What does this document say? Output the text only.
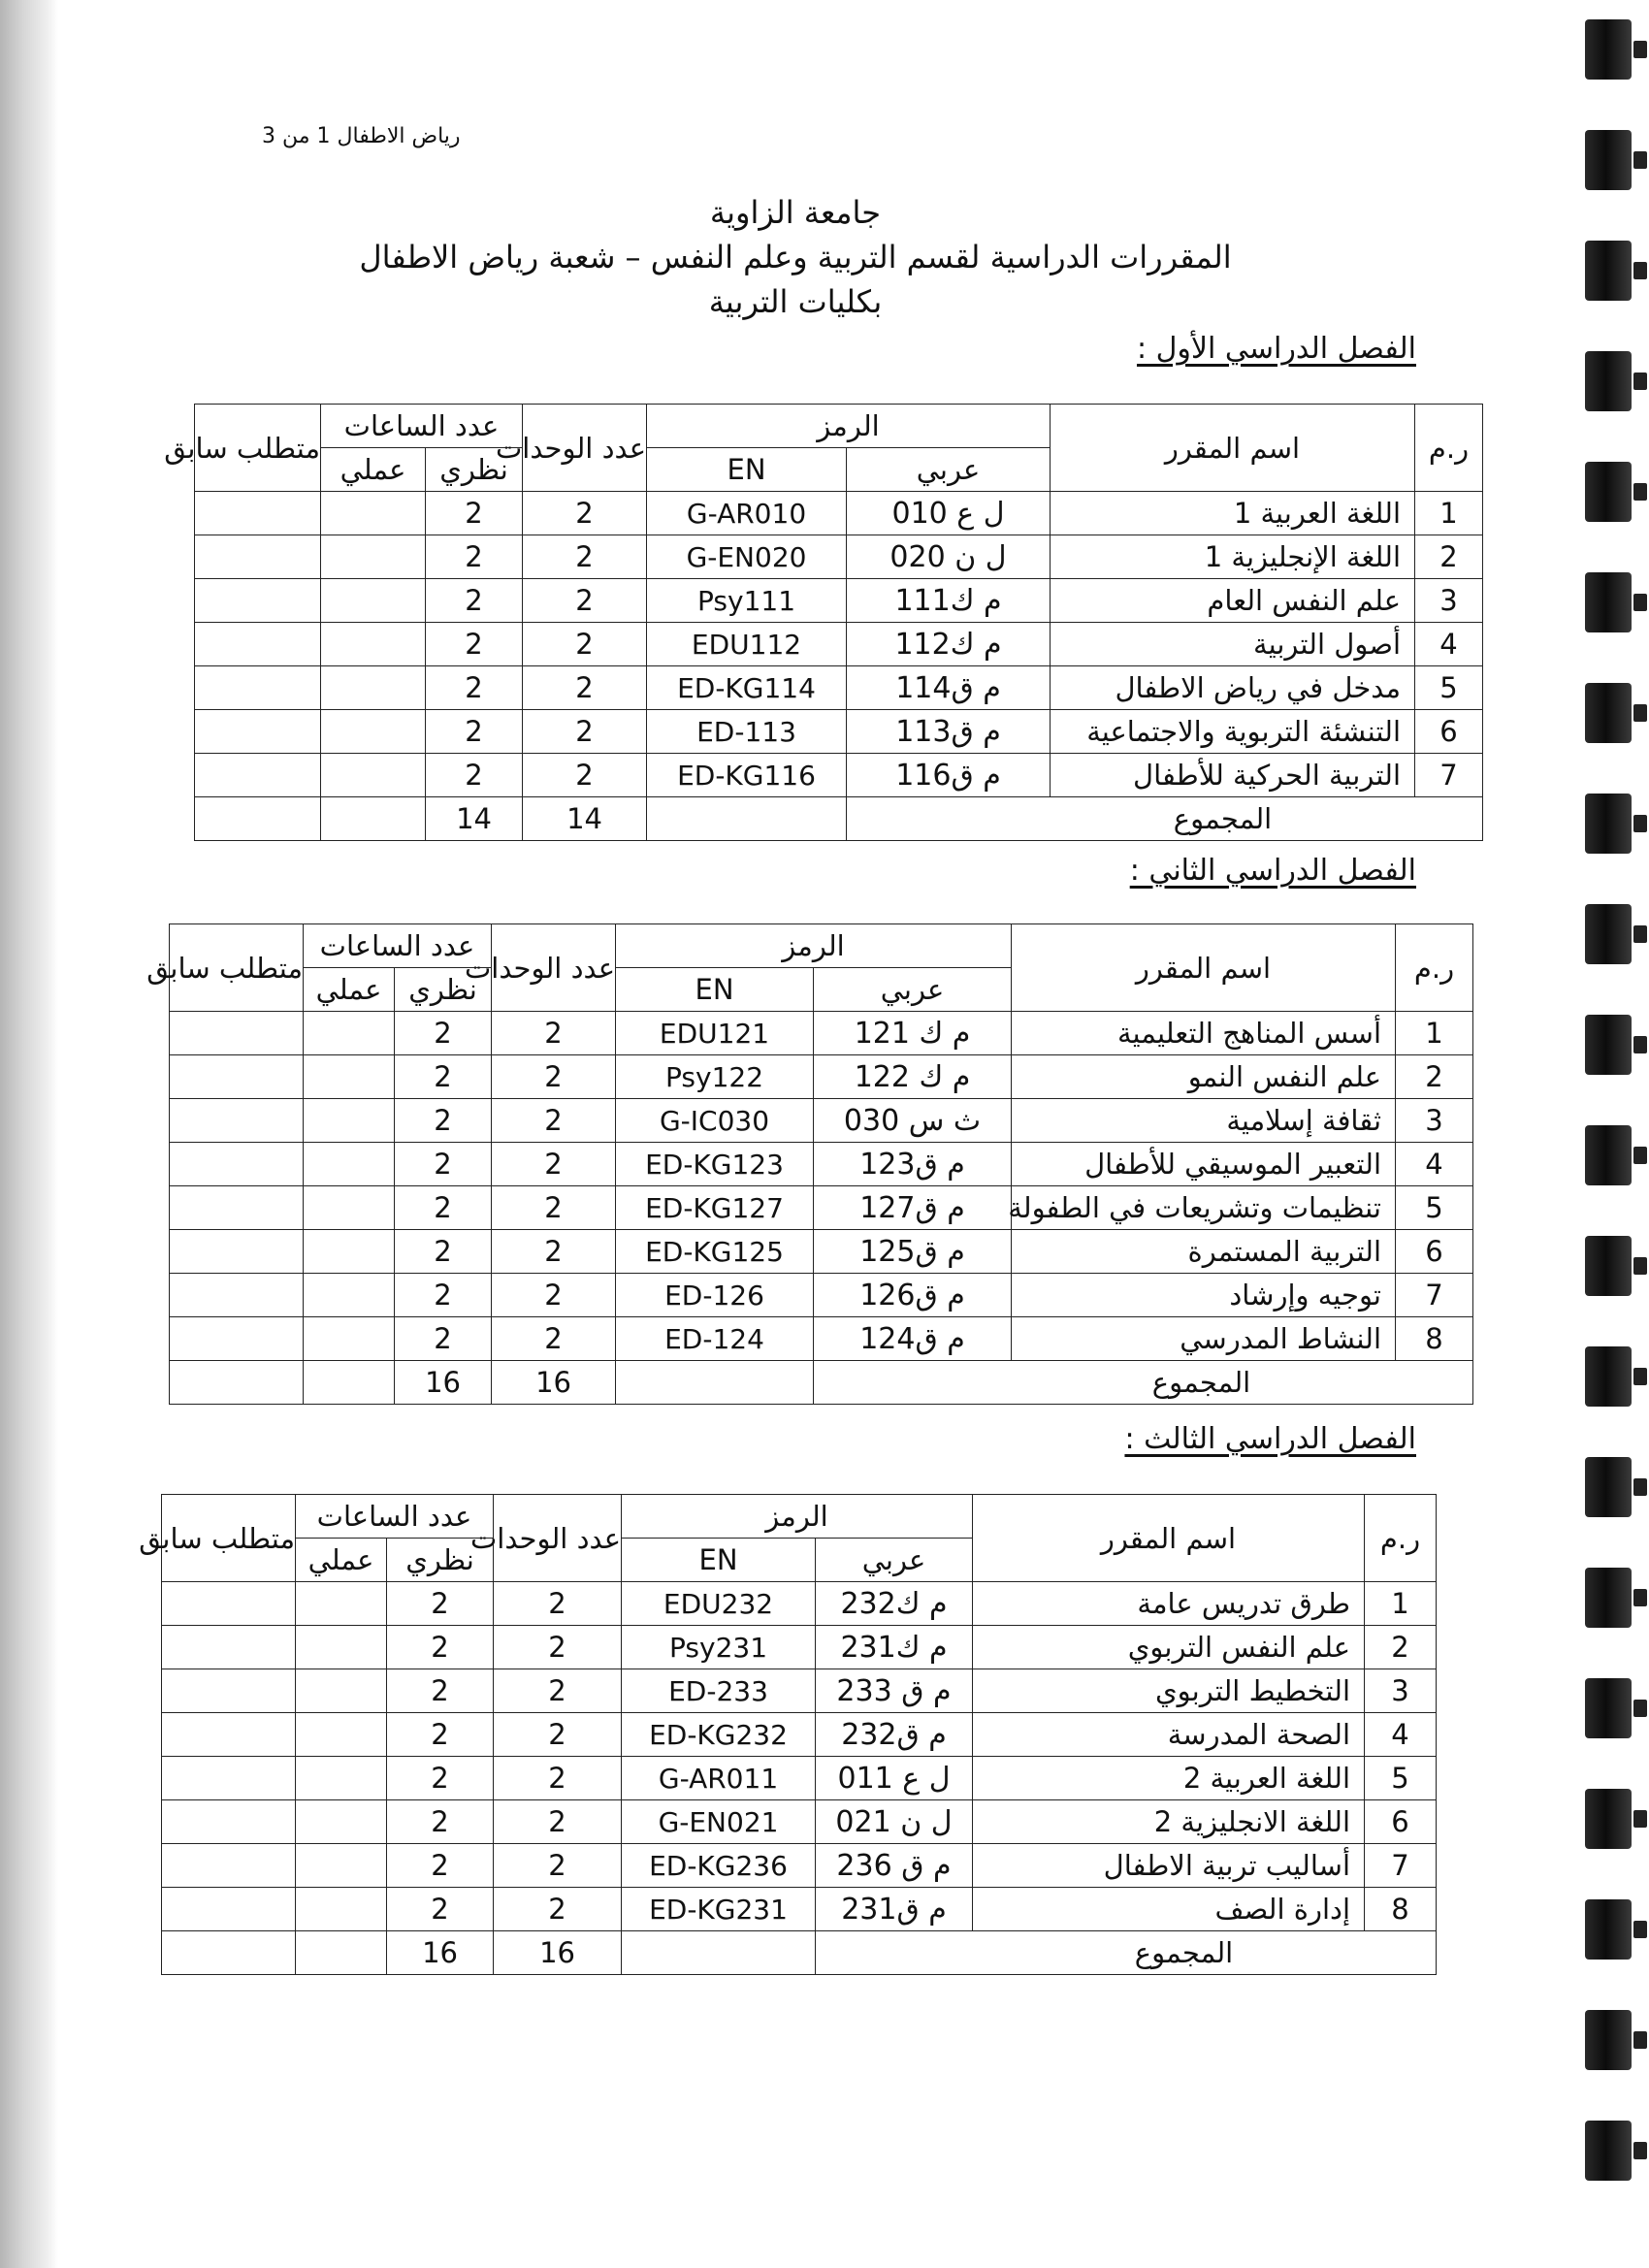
رياض الاطفال 1 من 3
جامعة الزاوية
المقررات الدراسية لقسم التربية وعلم النفس – شعبة رياض الاطفال
بكليات التربية
الفصل الدراسي الأول :
ر.م	اسم المقرر	الرمز		عدد الوحدات	عدد الساعات		متطلب سابق
		عربي	EN		نظري	عملي	
1	اللغة العربية 1	ل ع 010	G-AR010	2	2		
2	اللغة الإنجليزية 1	ل ن 020	G-EN020	2	2		
3	علم النفس العام	م ك111	Psy111	2	2		
4	أصول التربية	م ك112	EDU112	2	2		
5	مدخل في رياض الاطفال	م ق114	ED-KG114	2	2		
6	التنشئة التربوية والاجتماعية	م ق113	ED-113	2	2		
7	التربية الحركية للأطفال	م ق116	ED-KG116	2	2		
المجموع				14	14		
الفصل الدراسي الثاني :
ر.م	اسم المقرر	الرمز		عدد الوحدات	عدد الساعات		متطلب سابق
		عربي	EN		نظري	عملي	
1	أسس المناهج التعليمية	م ك 121	EDU121	2	2		
2	علم النفس النمو	م ك 122	Psy122	2	2		
3	ثقافة إسلامية	ث س 030	G-IC030	2	2		
4	التعبير الموسيقي للأطفال	م ق123	ED-KG123	2	2		
5	تنظيمات وتشريعات في الطفولة	م ق127	ED-KG127	2	2		
6	التربية المستمرة	م ق125	ED-KG125	2	2		
7	توجيه وإرشاد	م ق126	ED-126	2	2		
8	النشاط المدرسي	م ق124	ED-124	2	2		
المجموع				16	16		
الفصل الدراسي الثالث :
ر.م	اسم المقرر	الرمز		عدد الوحدات	عدد الساعات		متطلب سابق
		عربي	EN		نظري	عملي	
1	طرق تدريس عامة	م ك232	EDU232	2	2		
2	علم النفس التربوي	م ك231	Psy231	2	2		
3	التخطيط التربوي	م ق 233	ED-233	2	2		
4	الصحة المدرسة	م ق232	ED-KG232	2	2		
5	اللغة العربية 2	ل ع 011	G-AR011	2	2		
6	اللغة الانجليزية 2	ل ن 021	G-EN021	2	2		
7	أساليب تربية الاطفال	م ق 236	ED-KG236	2	2		
8	إدارة الصف	م ق231	ED-KG231	2	2		
المجموع				16	16		
